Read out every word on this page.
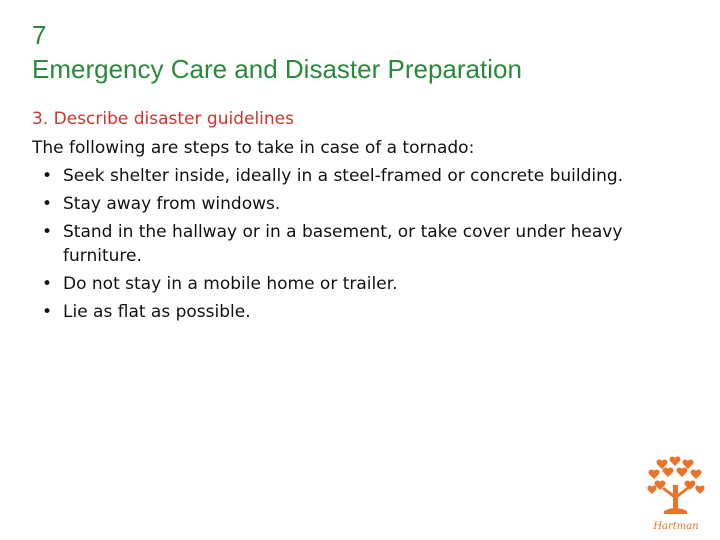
7
Emergency Care and Disaster Preparation
3. Describe disaster guidelines
The following are steps to take in case of a tornado:
• Seek shelter inside, ideally in a steel-framed or concrete building.
• Stay away from windows.
• Stand in the hallway or in a basement, or take cover under heavy furniture.
• Do not stay in a mobile home or trailer.
• Lie as flat as possible.
Hartman
